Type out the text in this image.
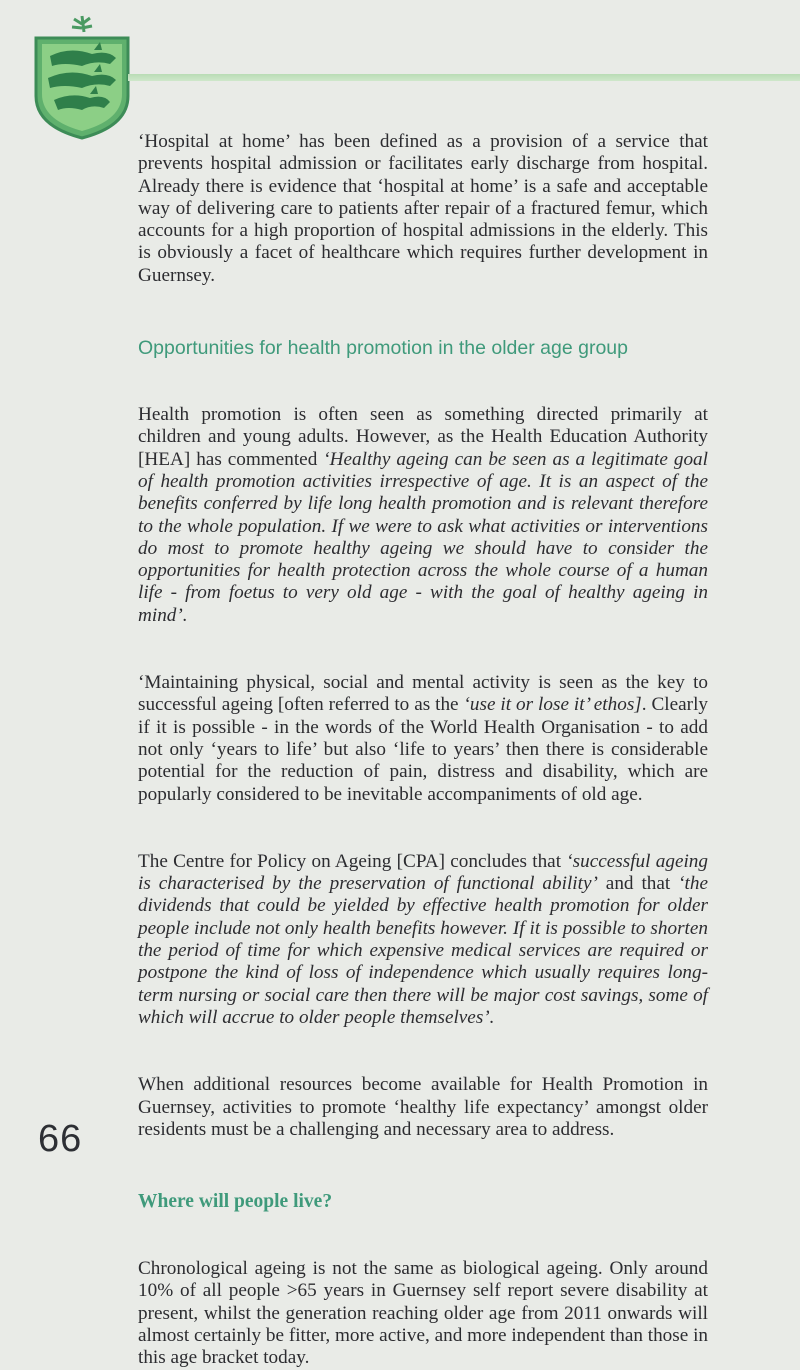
‘Hospital at home’ has been defined as a provision of a service that prevents hospital admission or facilitates early discharge from hospital. Already there is evidence that ‘hospital at home’ is a safe and acceptable way of delivering care to patients after repair of a fractured femur, which accounts for a high proportion of hospital admissions in the elderly. This is obviously a facet of healthcare which requires further development in Guernsey.

Opportunities for health promotion in the older age group

Health promotion is often seen as something directed primarily at children and young adults. However, as the Health Education Authority [HEA] has commented ‘Healthy ageing can be seen as a legitimate goal of health promotion activities irrespective of age. It is an aspect of the benefits conferred by life long health promotion and is relevant therefore to the whole population. If we were to ask what activities or interventions do most to promote healthy ageing we should have to consider the opportunities for health protection across the whole course of a human life - from foetus to very old age - with the goal of healthy ageing in mind’.

‘Maintaining physical, social and mental activity is seen as the key to successful ageing [often referred to as the ‘use it or lose it’ ethos]. Clearly if it is possible - in the words of the World Health Organisation - to add not only ‘years to life’ but also ‘life to years’ then there is considerable potential for the reduction of pain, distress and disability, which are popularly considered to be inevitable accompaniments of old age.

The Centre for Policy on Ageing [CPA] concludes that ‘successful ageing is characterised by the preservation of functional ability’ and that ‘the dividends that could be yielded by effective health promotion for older people include not only health benefits however. If it is possible to shorten the period of time for which expensive medical services are required or postpone the kind of loss of independence which usually requires long-term nursing or social care then there will be major cost savings, some of which will accrue to older people themselves’.

When additional resources become available for Health Promotion in Guernsey, activities to promote ‘healthy life expectancy’ amongst older residents must be a challenging and necessary area to address.

Where will people live?

Chronological ageing is not the same as biological ageing. Only around 10% of all people >65 years in Guernsey self report severe disability at present, whilst the generation reaching older age from 2011 onwards will almost certainly be fitter, more active, and more independent than those in this age bracket today.

66
